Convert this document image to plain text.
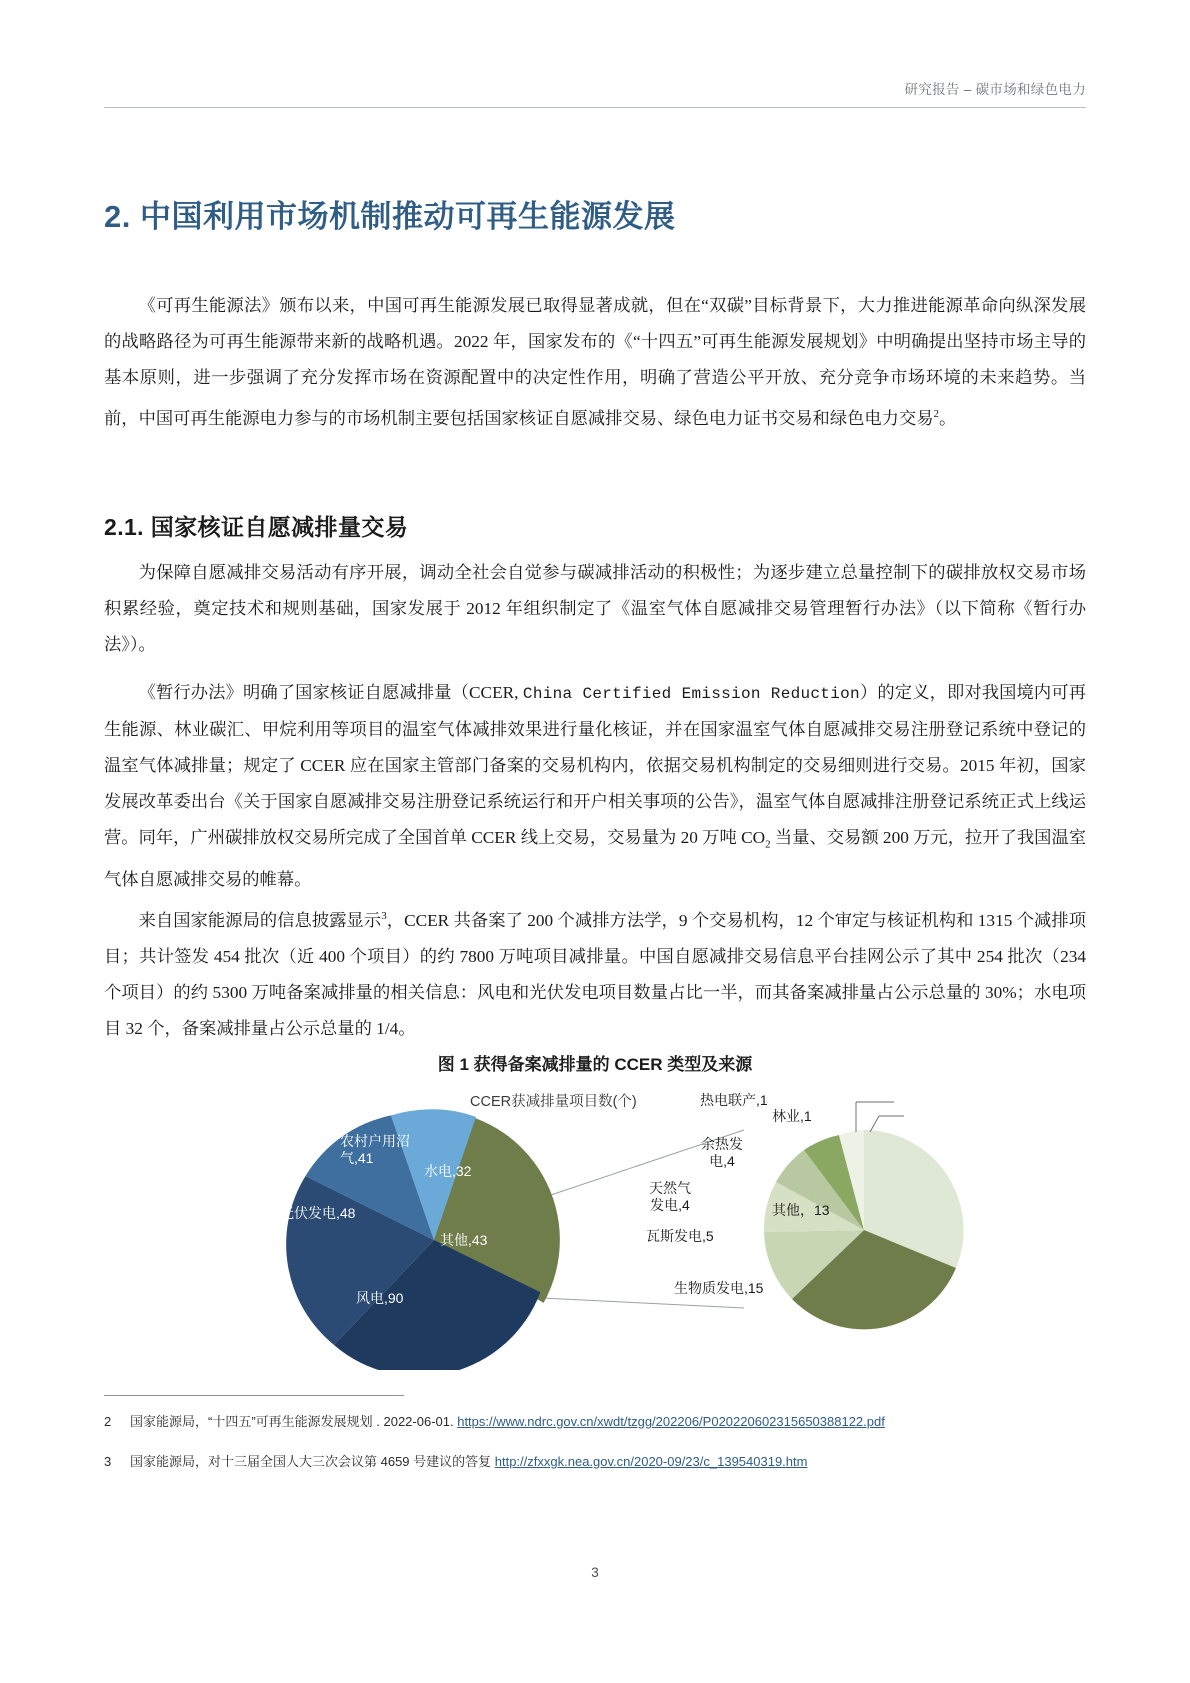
研究报告 – 碳市场和绿色电力
2. 中国利用市场机制推动可再生能源发展
《可再生能源法》颁布以来，中国可再生能源发展已取得显著成就，但在“双碳”目标背景下，大力推进能源革命向纵深发展的战略路径为可再生能源带来新的战略机遇。2022 年，国家发布的《“十四五”可再生能源发展规划》中明确提出坚持市场主导的基本原则，进一步强调了充分发挥市场在资源配置中的决定性作用，明确了营造公平开放、充分竞争市场环境的未来趋势。当前，中国可再生能源电力参与的市场机制主要包括国家核证自愿减排交易、绿色电力证书交易和绿色电力交易$^2$。
2.1. 国家核证自愿减排量交易
为保障自愿减排交易活动有序开展，调动全社会自觉参与碳减排活动的积极性；为逐步建立总量控制下的碳排放权交易市场积累经验，奠定技术和规则基础，国家发展于 2012 年组织制定了《温室气体自愿减排交易管理暂行办法》（以下简称《暂行办法》）。
《暂行办法》明确了国家核证自愿减排量（CCER, China Certified Emission Reduction）的定义，即对我国境内可再生能源、林业碳汇、甲烷利用等项目的温室气体减排效果进行量化核证，并在国家温室气体自愿减排交易注册登记系统中登记的温室气体减排量；规定了 CCER 应在国家主管部门备案的交易机构内，依据交易机构制定的交易细则进行交易。2015 年初，国家发展改革委出台《关于国家自愿减排交易注册登记系统运行和开户相关事项的公告》，温室气体自愿减排注册登记系统正式上线运营。同年，广州碳排放权交易所完成了全国首单 CCER 线上交易，交易量为 20 万吨 $CO_2$ 当量、交易额 200 万元，拉开了我国温室气体自愿减排交易的帷幕。
来自国家能源局的信息披露显示$^3$，CCER 共备案了 200 个减排方法学，9 个交易机构，12 个审定与核证机构和 1315 个减排项目；共计签发 454 批次（近 400 个项目）的约 7800 万吨项目减排量。中国自愿减排交易信息平台挂网公示了其中 254 批次（234 个项目）的约 5300 万吨备案减排量的相关信息：风电和光伏发电项目数量占比一半，而其备案减排量占公示总量的 30%；水电项目 32 个，备案减排量占公示总量的 1/4。
图 1 获得备案减排量的 CCER 类型及来源
CCER获减排量项目数(个)
农村户用沼气,41
光伏发电,48
风电,90
水电,32
其他,43
热电联产,1
林业,1
余热发电,4
天然气发电,4
瓦斯发电,5
生物质发电,15
其他，13
2 国家能源局，“十四五”可再生能源发展规划 . 2022-06-01. https://www.ndrc.gov.cn/xwdt/tzgg/202206/P020220602315650388122.pdf
3 国家能源局，对十三届全国人大三次会议第 4659 号建议的答复 http://zfxxgk.nea.gov.cn/2020-09/23/c_139540319.htm
3
